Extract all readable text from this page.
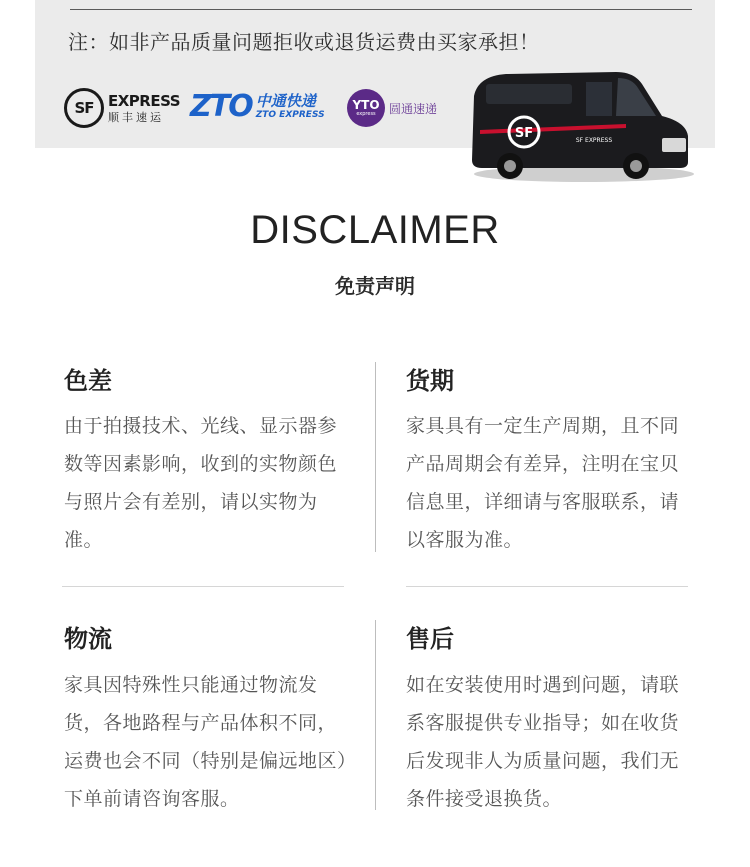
注：如非产品质量问题拒收或退货运费由买家承担！
SF EXPRESS
顺丰速运 ZTO 中通快递
ZTO EXPRESS
YTO
express 圆通速递
SF	SF EXPRESS
DISCLAIMER
免责声明
色差
由于拍摄技术、光线、显示器参数等因素影响，收到的实物颜色与照片会有差别，请以实物为准。
货期
家具具有一定生产周期，且不同产品周期会有差异，注明在宝贝信息里，详细请与客服联系，请以客服为准。
物流
家具因特殊性只能通过物流发货，各地路程与产品体积不同，运费也会不同（特别是偏远地区）下单前请咨询客服。
售后
如在安装使用时遇到问题，请联系客服提供专业指导；如在收货后发现非人为质量问题，我们无条件接受退换货。
